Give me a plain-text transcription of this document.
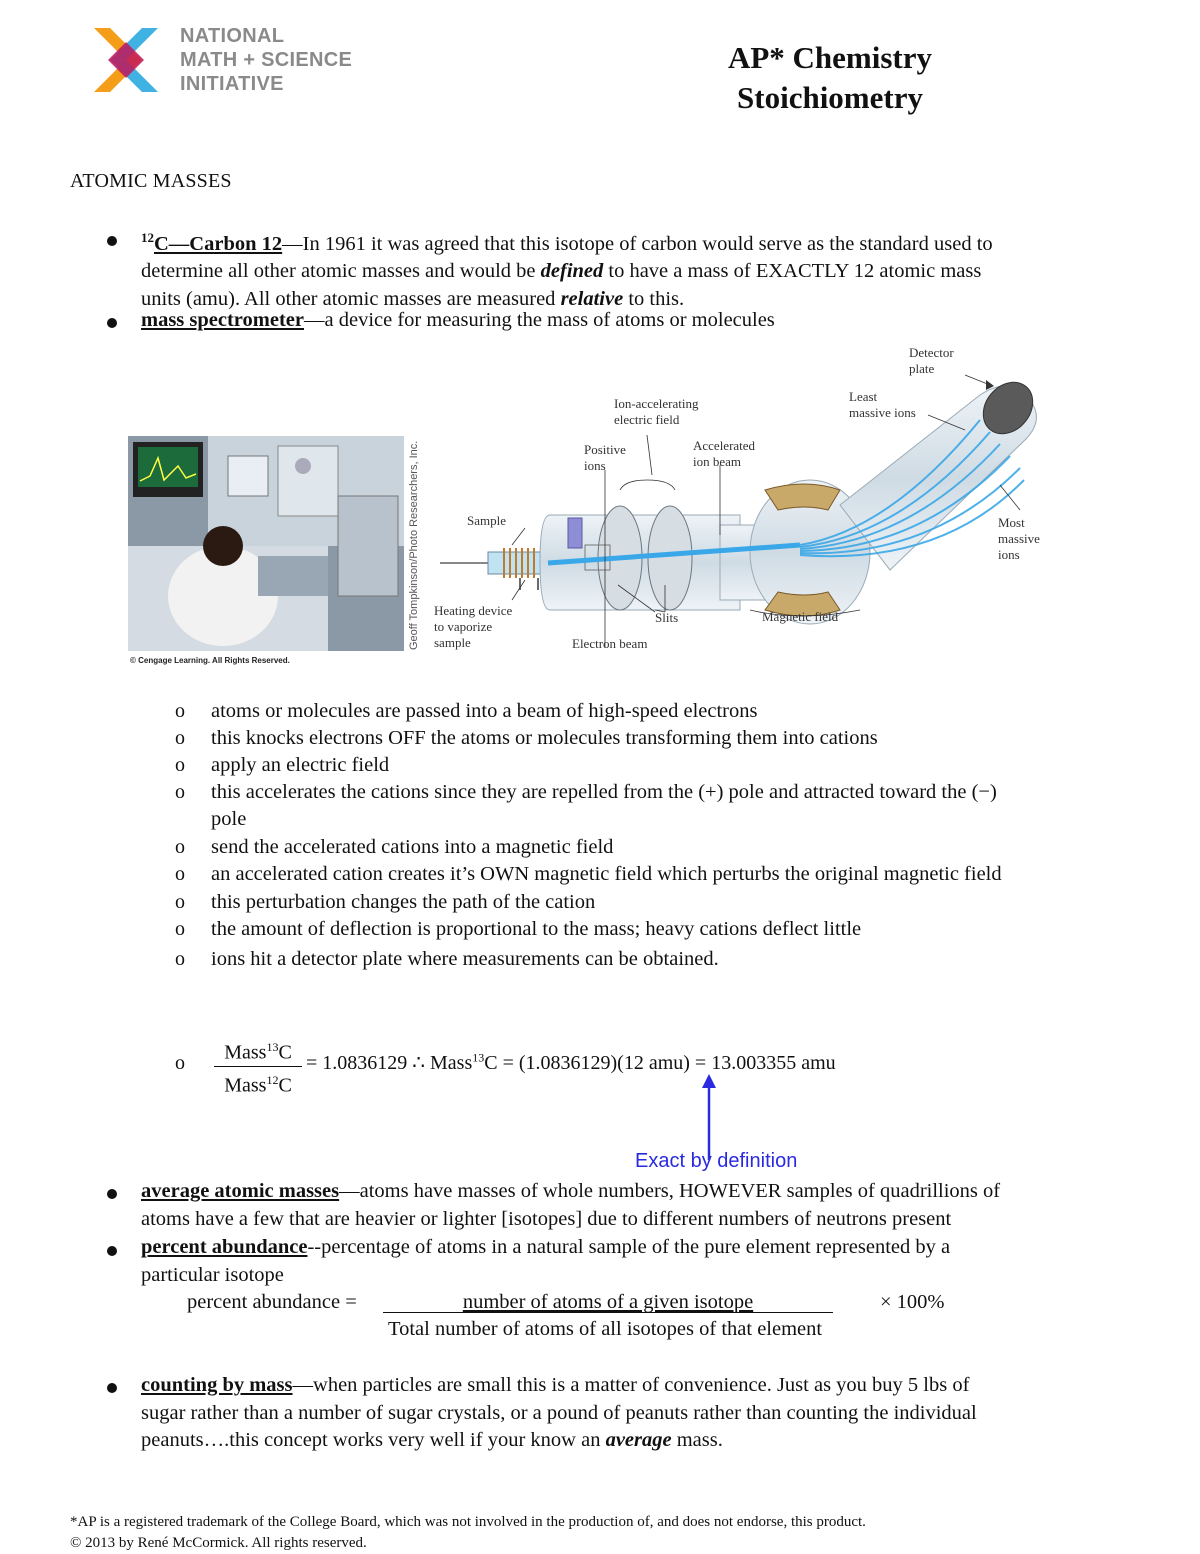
NATIONAL
MATH + SCIENCE
INITIATIVE
AP* Chemistry
Stoichiometry
ATOMIC MASSES
$^{12}$C—Carbon 12—In 1961 it was agreed that this isotope of carbon would serve as the standard used to
determine all other atomic masses and would be defined to have a mass of EXACTLY 12 atomic mass
units (amu). All other atomic masses are measured relative to this.
mass spectrometer—a device for measuring the mass of atoms or molecules
Geoff Tompkinson/Photo Researchers, Inc.
© Cengage Learning. All Rights Reserved.
Detector
plate
Ion-accelerating
electric field
Least
massive ions
Positive
ions
Accelerated
ion beam
Sample	Most
massive
ions
Heating device
to vaporize
sample
Slits	Magnetic field
Electron beam
o atoms or molecules are passed into a beam of high-speed electrons
o this knocks electrons OFF the atoms or molecules transforming them into cations
o apply an electric field
o this accelerates the cations since they are repelled from the (+) pole and attracted toward the (−)
pole
o send the accelerated cations into a magnetic field
o an accelerated cation creates it’s OWN magnetic field which perturbs the original magnetic field
o this perturbation changes the path of the cation
o the amount of deflection is proportional to the mass; heavy cations deflect little
o ions hit a detector plate where measurements can be obtained.
o	Mass$^{13}$C
Mass$^{12}$C
= 1.0836129 ∴ Mass$^{13}$C = (1.0836129)(12 amu) = 13.003355 amu
Exact by definition
average atomic masses—atoms have masses of whole numbers, HOWEVER samples of quadrillions of
atoms have a few that are heavier or lighter [isotopes] due to different numbers of neutrons present
percent abundance--percentage of atoms in a natural sample of the pure element represented by a
particular isotope
percent abundance =	number of atoms of a given isotope	× 100%
Total number of atoms of all isotopes of that element
counting by mass—when particles are small this is a matter of convenience. Just as you buy 5 lbs of
sugar rather than a number of sugar crystals, or a pound of peanuts rather than counting the individual
peanuts….this concept works very well if your know an average mass.
*AP is a registered trademark of the College Board, which was not involved in the production of, and does not endorse, this product.
© 2013 by René McCormick. All rights reserved.
